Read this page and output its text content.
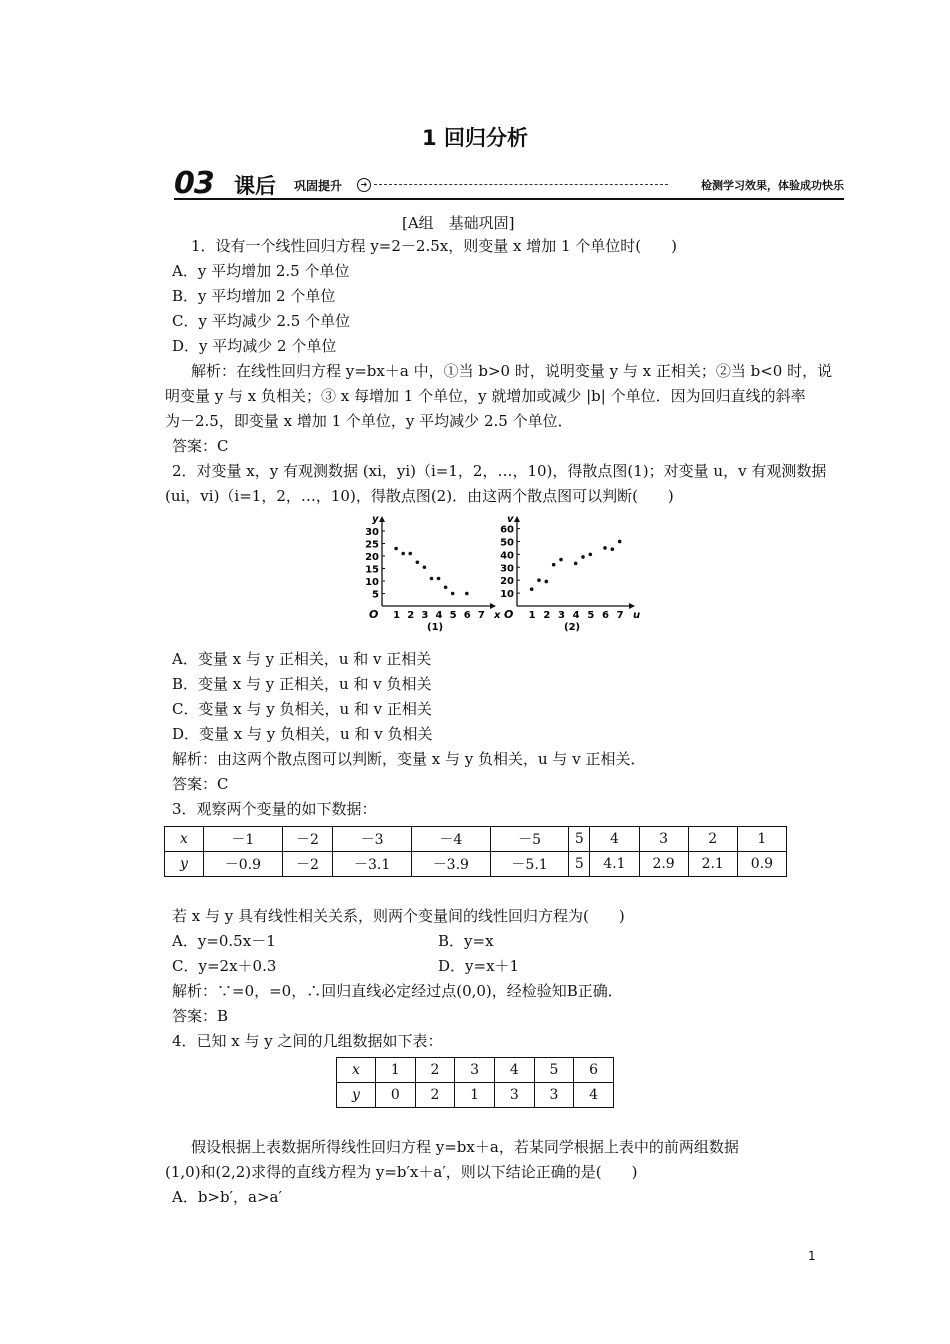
1 回归分析
03 课后 巩固提升	➔	检测学习效果，体验成功快乐
[A组　基础巩固]
1．设有一个线性回归方程 y=2－2.5x，则变量 x 增加 1 个单位时(　　)
A．y 平均增加 2.5 个单位
B．y 平均增加 2 个单位
C．y 平均减少 2.5 个单位
D．y 平均减少 2 个单位
解析：在线性回归方程 y=bx＋a 中，①当 b>0 时，说明变量 y 与 x 正相关；②当 b<0 时，说
明变量 y 与 x 负相关；③ x 每增加 1 个单位，y 就增加或减少 |b| 个单位．因为回归直线的斜率
为－2.5，即变量 x 增加 1 个单位，y 平均减少 2.5 个单位．
答案：C
2．对变量 x，y 有观测数据 (xi，yi)（i=1，2，…，10)，得散点图(1)；对变量 u，v 有观测数据
(ui，vi)（i=1，2，…，10)，得散点图(2)．由这两个散点图可以判断(　　)
x
y
O
(1)
1 2 3 4 5 6 7
5
10
15
20
25
30
u
v
O
(2)
1 2 3 4 5 6 7
10
20
30
40
50
60
A．变量 x 与 y 正相关，u 和 v 正相关
B．变量 x 与 y 正相关，u 和 v 负相关
C．变量 x 与 y 负相关，u 和 v 正相关
D．变量 x 与 y 负相关，u 和 v 负相关
解析：由这两个散点图可以判断，变量 x 与 y 负相关，u 与 v 正相关．
答案：C
3．观察两个变量的如下数据：
x	－1	－2	－3	－4	－5	5	4	3	2	1
y	－0.9	－2	－3.1	－3.9	－5.1	5	4.1	2.9	2.1	0.9
若 x 与 y 具有线性相关关系，则两个变量间的线性回归方程为(　　)
A．y=0.5x－1	B．y=x
C．y=2x＋0.3	D．y=x＋1
解析：∵=0，=0，∴回归直线必定经过点(0,0)，经检验知B正确．
答案：B
4．已知 x 与 y 之间的几组数据如下表：
x	1	2	3	4	5	6
y	0	2	1	3	3	4
假设根据上表数据所得线性回归方程 y=bx＋a，若某同学根据上表中的前两组数据
(1,0)和(2,2)求得的直线方程为 y=b′x＋a′，则以下结论正确的是(　　)
A．b>b′，a>a′
1
